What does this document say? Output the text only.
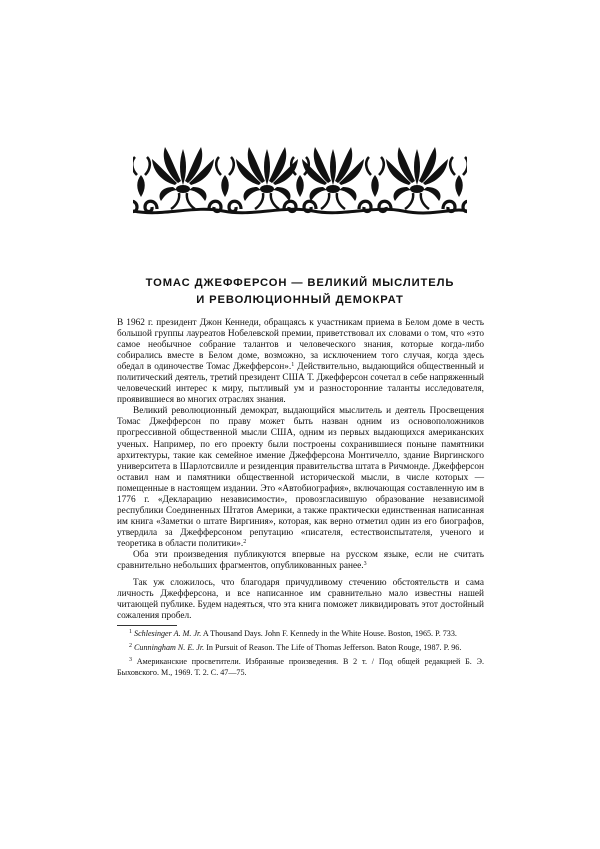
ТОМАС ДЖЕФФЕРСОН — ВЕЛИКИЙ МЫСЛИТЕЛЬ
И РЕВОЛЮЦИОННЫЙ ДЕМОКРАТ

В 1962 г. президент Джон Кеннеди, обращаясь к участникам приема в Белом доме в честь большой группы лауреатов Нобелевской премии, приветствовал их словами о том, что «это самое необычное собрание талантов и человеческого знания, которые когда-либо собирались вместе в Белом доме, возможно, за исключением того случая, когда здесь обедал в одиночестве Томас Джефферсон».$^1$ Действительно, выдающийся общественный и политический деятель, третий президент США Т. Джефферсон сочетал в себе напряженный человеческий интерес к миру, пытливый ум и разносторонние таланты исследователя, проявившиеся во многих отраслях знания.

Великий революционный демократ, выдающийся мыслитель и деятель Просвещения Томас Джефферсон по праву может быть назван одним из основоположников прогрессивной общественной мысли США, одним из первых выдающихся американских ученых. Например, по его проекту были построены сохранившиеся поныне памятники архитектуры, такие как семейное имение Джефферсона Монтичелло, здание Виргинского университета в Шарлотсвилле и резиденция правительства штата в Ричмонде. Джефферсон оставил нам и памятники общественной исторической мысли, в числе которых — помещенные в настоящем издании. Это «Автобиография», включающая составленную им в 1776 г. «Декларацию независимости», провозгласившую образование независимой республики Соединенных Штатов Америки, а также практически единственная написанная им книга «Заметки о штате Виргиния», которая, как верно отметил один из его биографов, утвердила за Джефферсоном репутацию «писателя, естествоиспытателя, ученого и теоретика в области политики».$^2$

Оба эти произведения публикуются впервые на русском языке, если не считать сравнительно небольших фрагментов, опубликованных ранее.$^3$

Так уж сложилось, что благодаря причудливому стечению обстоятельств и сама личность Джефферсона, и все написанное им сравнительно мало известны нашей читающей публике. Будем надеяться, что эта книга поможет ликвидировать этот достойный сожаления пробел.

$^1$ Schlesinger A. M. Jr. A Thousand Days. John F. Kennedy in the White House. Boston, 1965. P. 733.

$^2$ Cunningham N. E. Jr. In Pursuit of Reason. The Life of Thomas Jefferson. Baton Rouge, 1987. P. 96.

$^3$ Американские просветители. Избранные произведения. В 2 т. / Под общей редакцией Б. Э. Быховского. М., 1969. Т. 2. С. 47—75.
